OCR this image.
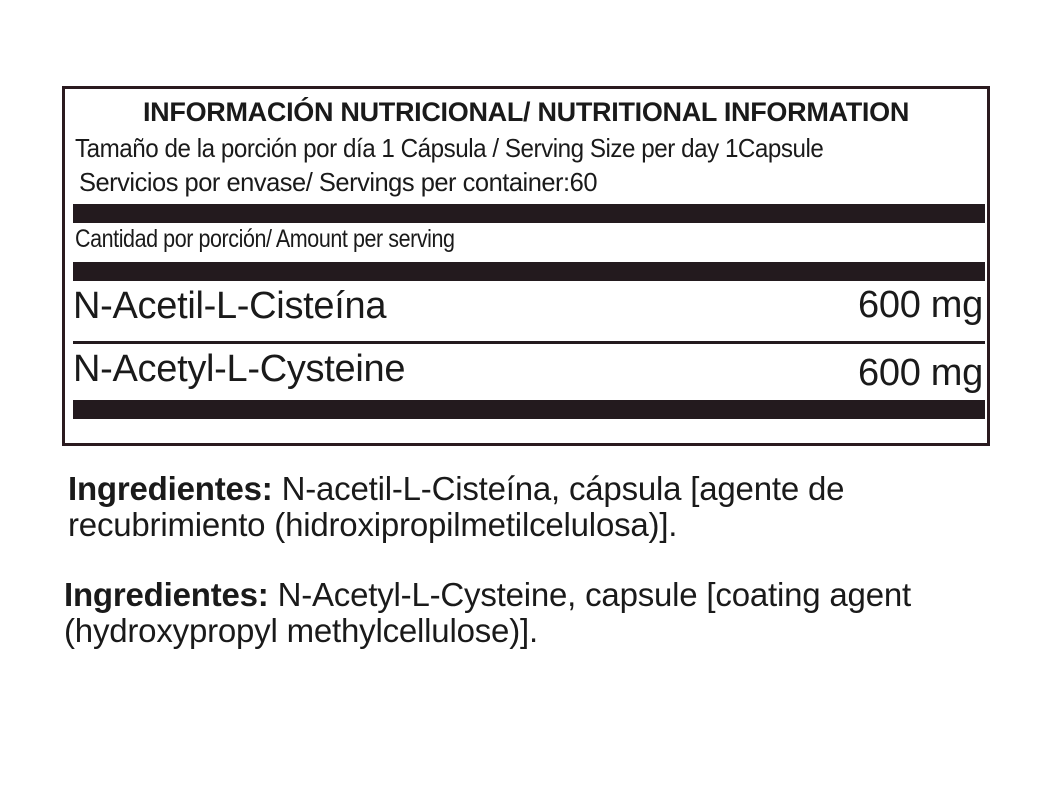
INFORMACIÓN NUTRICIONAL/ NUTRITIONAL INFORMATION
Tamaño de la porción por día 1 Cápsula / Serving Size per day 1Capsule
Servicios por envase/ Servings per container:60
Cantidad por porción/ Amount per serving
N-Acetil-L-Cisteína	600 mg
N-Acetyl-L-Cysteine	600 mg
Ingredientes: N-acetil-L-Cisteína, cápsula [agente de recubrimiento (hidroxipropilmetilcelulosa)].
Ingredientes: N-Acetyl-L-Cysteine, capsule [coating agent (hydroxypropyl methylcellulose)].
